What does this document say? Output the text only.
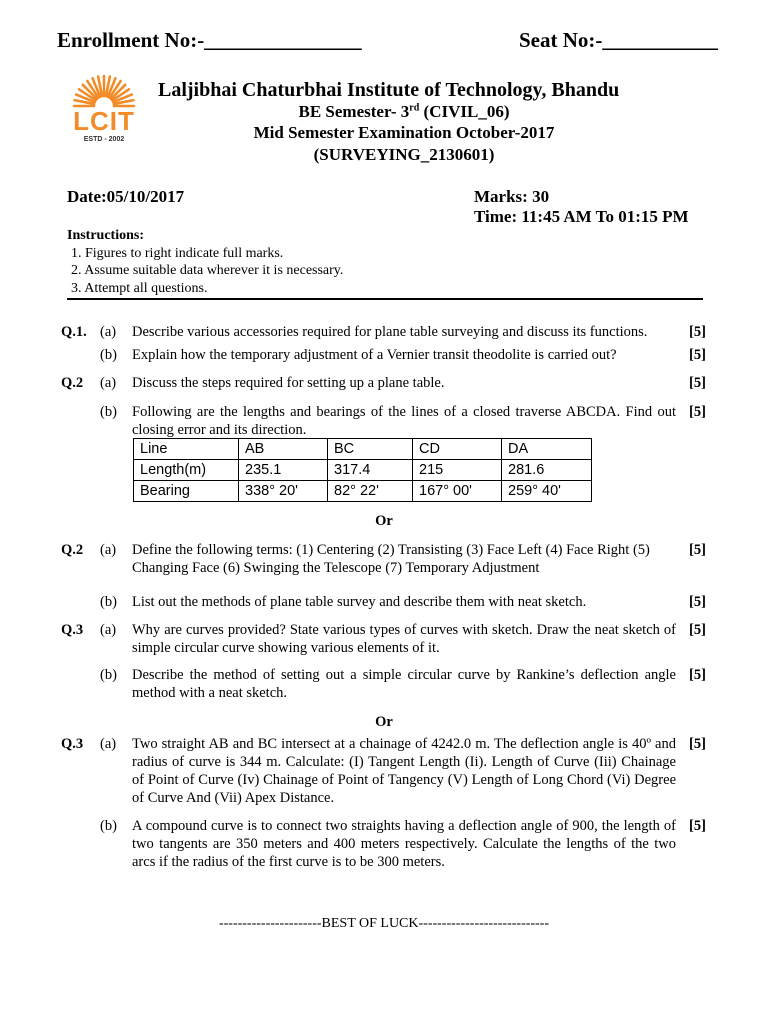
Enrollment No:-_______________	Seat No:-___________
LCIT
ESTD - 2002
Laljibhai Chaturbhai Institute of Technology, Bhandu
BE Semester- 3rd (CIVIL_06)
Mid Semester Examination October-2017
(SURVEYING_2130601)
Date:05/10/2017	Marks: 30
Time: 11:45 AM To 01:15 PM
Instructions:
1. Figures to right indicate full marks.
2. Assume suitable data wherever it is necessary.
3. Attempt all questions.
Q.1. (a) Describe various accessories required for plane table surveying and discuss its functions.	[5]
(b) Explain how the temporary adjustment of a Vernier transit theodolite is carried out?	[5]
Q.2 (a) Discuss the steps required for setting up a plane table.	[5]
(b) Following are the lengths and bearings of the lines of a closed traverse ABCDA. Find out closing error and its direction.
[5]
Line	AB	BC	CD	DA
Length(m)	235.1	317.4	215	281.6
Bearing	338° 20'	82° 22'	167° 00'	259° 40'
Or
Q.2 (a) Define the following terms: (1) Centering (2) Transisting (3) Face Left (4) Face Right (5) Changing Face (6) Swinging the Telescope (7) Temporary Adjustment
[5]
(b) List out the methods of plane table survey and describe them with neat sketch.	[5]
Q.3 (a) Why are curves provided? State various types of curves with sketch. Draw the neat sketch of simple circular curve showing various elements of it.
[5]
(b) Describe the method of setting out a simple circular curve by Rankine’s deflection angle method with a neat sketch.
[5]
Or
Q.3 (a) Two straight AB and BC intersect at a chainage of 4242.0 m. The deflection angle is 40º and radius of curve is 344 m. Calculate: (I) Tangent Length (Ii). Length of Curve (Iii) Chainage of Point of Curve (Iv) Chainage of Point of Tangency (V) Length of Long Chord (Vi) Degree of Curve And (Vii) Apex Distance.
[5]
(b) A compound curve is to connect two straights having a deflection angle of 900, the length of two tangents are 350 meters and 400 meters respectively. Calculate the lengths of the two arcs if the radius of the first curve is to be 300 meters.
[5]
----------------------BEST OF LUCK----------------------------
